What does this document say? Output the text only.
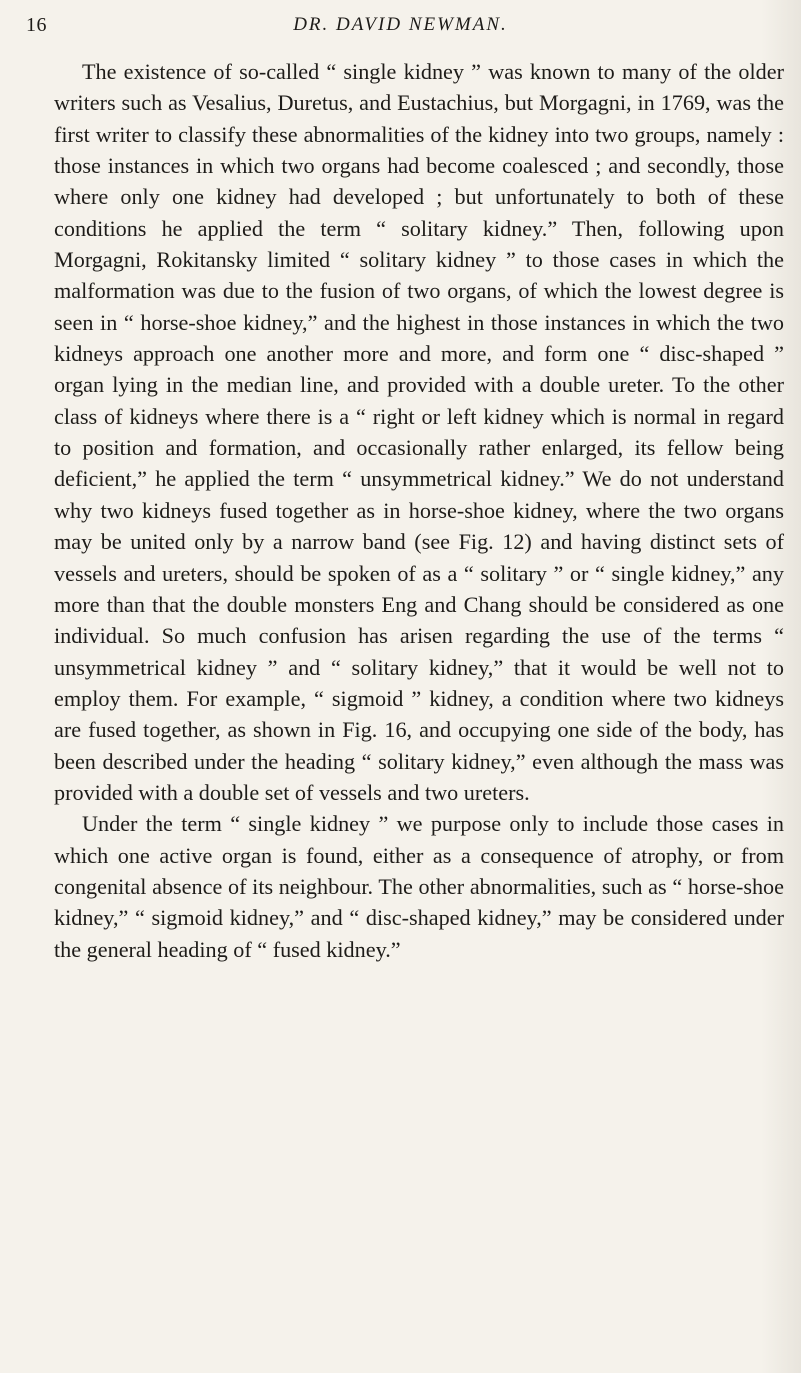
16	DR. DAVID NEWMAN.

The existence of so-called “ single kidney ” was known to many of the older writers such as Vesalius, Duretus, and Eustachius, but Morgagni, in 1769, was the first writer to classify these abnormalities of the kidney into two groups, namely : those instances in which two organs had become coalesced ; and secondly, those where only one kidney had developed ; but unfortunately to both of these conditions he applied the term “ solitary kidney.” Then, following upon Morgagni, Rokitansky limited “ solitary kidney ” to those cases in which the malformation was due to the fusion of two organs, of which the lowest degree is seen in “ horse-shoe kidney,” and the highest in those instances in which the two kidneys approach one another more and more, and form one “ disc-shaped ” organ lying in the median line, and provided with a double ureter. To the other class of kidneys where there is a “ right or left kidney which is normal in regard to position and formation, and occasionally rather enlarged, its fellow being deficient,” he applied the term “ unsymmetrical kidney.” We do not understand why two kidneys fused together as in horse-shoe kidney, where the two organs may be united only by a narrow band (see Fig. 12) and having distinct sets of vessels and ureters, should be spoken of as a “ solitary ” or “ single kidney,” any more than that the double monsters Eng and Chang should be considered as one individual. So much confusion has arisen regarding the use of the terms “ unsymmetrical kidney ” and “ solitary kidney,” that it would be well not to employ them. For example, “ sigmoid ” kidney, a condition where two kidneys are fused together, as shown in Fig. 16, and occupying one side of the body, has been described under the heading “ solitary kidney,” even although the mass was provided with a double set of vessels and two ureters.

Under the term “ single kidney ” we purpose only to include those cases in which one active organ is found, either as a consequence of atrophy, or from congenital absence of its neighbour. The other abnormalities, such as “ horse-shoe kidney,” “ sigmoid kidney,” and “ disc-shaped kidney,” may be considered under the general heading of “ fused kidney.”
